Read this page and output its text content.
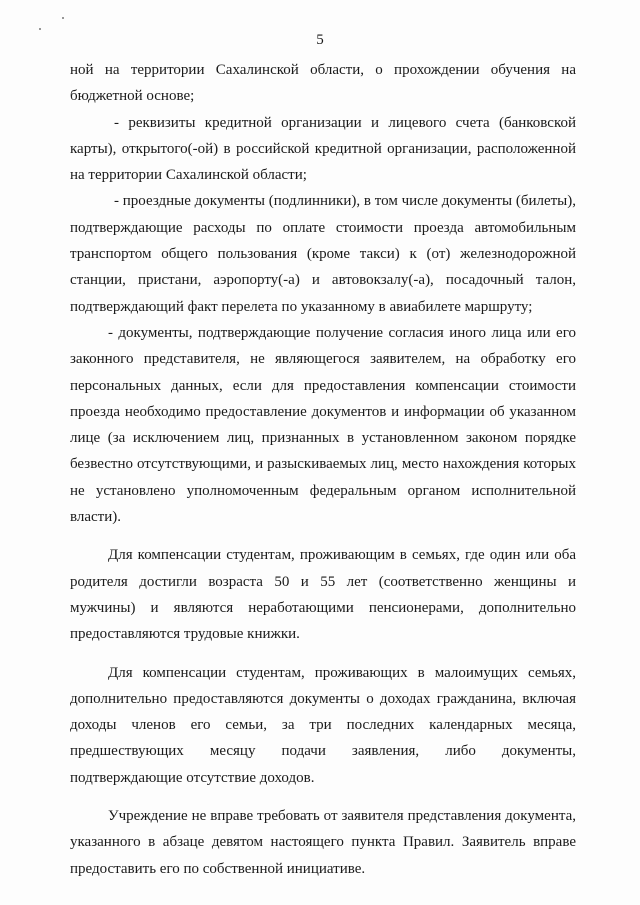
5

ной на территории Сахалинской области, о прохождении обучения на бюджетной основе;

- реквизиты кредитной организации и лицевого счета (банковской карты), открытого(-ой) в российской кредитной организации, расположенной на территории Сахалинской области;

- проездные документы (подлинники), в том числе документы (билеты), подтверждающие расходы по оплате стоимости проезда автомобильным транспортом общего пользования (кроме такси) к (от) железнодорожной станции, пристани, аэропорту(-а) и автовокзалу(-а), посадочный талон, подтверждающий факт перелета по указанному в авиабилете маршруту;

- документы, подтверждающие получение согласия иного лица или его законного представителя, не являющегося заявителем, на обработку его персональных данных, если для предоставления компенсации стоимости проезда необходимо предоставление документов и информации об указанном лице (за исключением лиц, признанных в установленном законом порядке безвестно отсутствующими, и разыскиваемых лиц, место нахождения которых не установлено уполномоченным федеральным органом исполнительной власти).

Для компенсации студентам, проживающим в семьях, где один или оба родителя достигли возраста 50 и 55 лет (соответственно женщины и мужчины) и являются неработающими пенсионерами, дополнительно предоставляются трудовые книжки.

Для компенсации студентам, проживающих в малоимущих семьях, дополнительно предоставляются документы о доходах гражданина, включая доходы членов его семьи, за три последних календарных месяца, предшествующих месяцу подачи заявления, либо документы, подтверждающие отсутствие доходов.

Учреждение не вправе требовать от заявителя представления документа, указанного в абзаце девятом настоящего пункта Правил. Заявитель вправе предоставить его по собственной инициативе.
